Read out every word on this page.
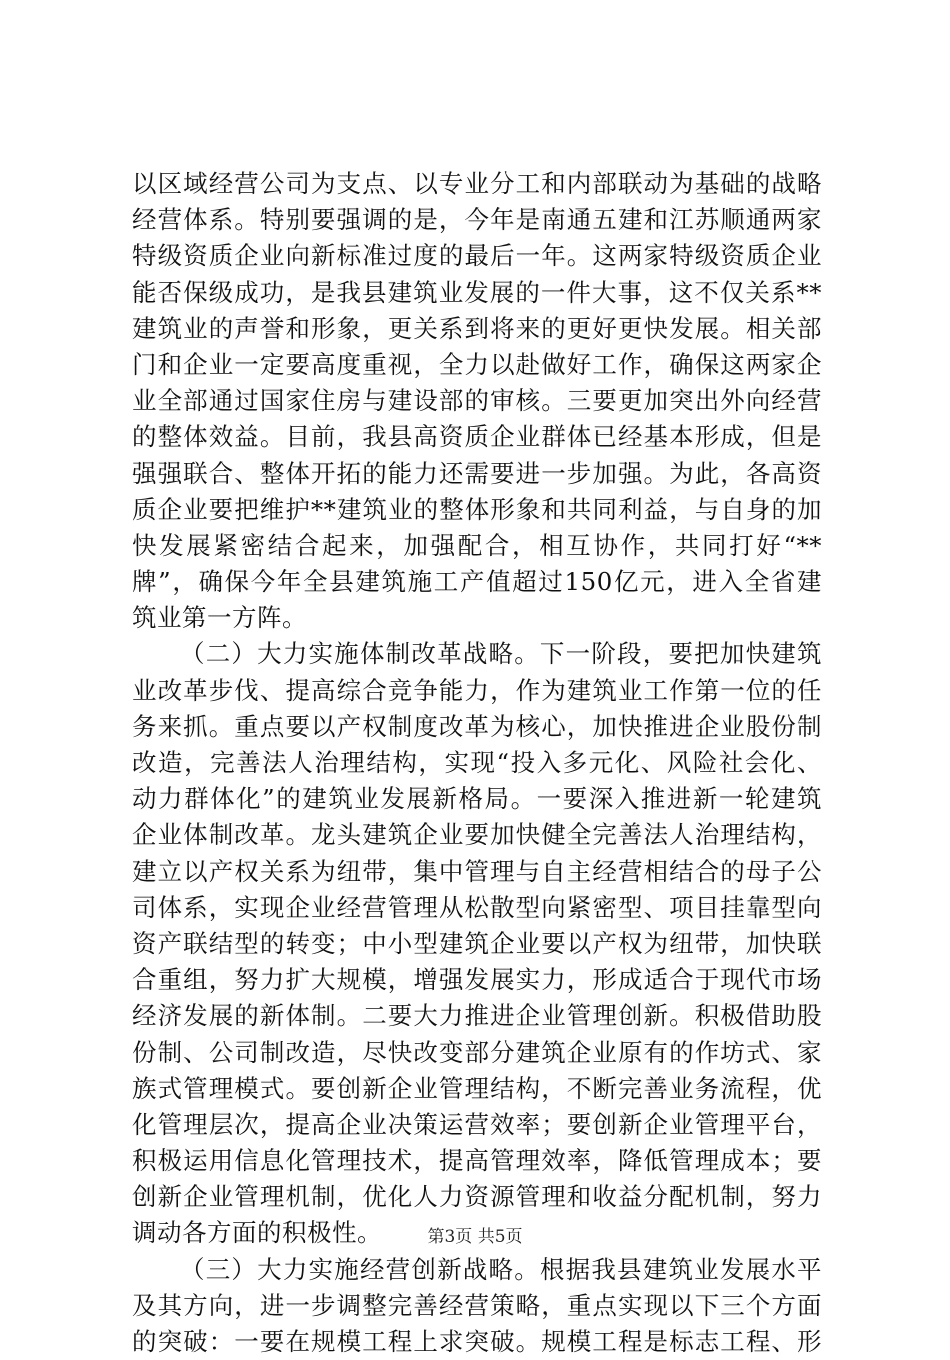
以区域经营公司为支点、以专业分工和内部联动为基础的战略
经营体系。特别要强调的是，今年是南通五建和江苏顺通两家
特级资质企业向新标准过度的最后一年。这两家特级资质企业
能否保级成功，是我县建筑业发展的一件大事，这不仅关系**
建筑业的声誉和形象，更关系到将来的更好更快发展。相关部
门和企业一定要高度重视，全力以赴做好工作，确保这两家企
业全部通过国家住房与建设部的审核。三要更加突出外向经营
的整体效益。目前，我县高资质企业群体已经基本形成，但是
强强联合、整体开拓的能力还需要进一步加强。为此，各高资
质企业要把维护**建筑业的整体形象和共同利益，与自身的加
快发展紧密结合起来，加强配合，相互协作，共同打好“**
牌”，确保今年全县建筑施工产值超过150亿元，进入全省建
筑业第一方阵。
（二）大力实施体制改革战略。下一阶段，要把加快建筑
业改革步伐、提高综合竞争能力，作为建筑业工作第一位的任
务来抓。重点要以产权制度改革为核心，加快推进企业股份制
改造，完善法人治理结构，实现“投入多元化、风险社会化、
动力群体化”的建筑业发展新格局。一要深入推进新一轮建筑
企业体制改革。龙头建筑企业要加快健全完善法人治理结构，
建立以产权关系为纽带，集中管理与自主经营相结合的母子公
司体系，实现企业经营管理从松散型向紧密型、项目挂靠型向
资产联结型的转变；中小型建筑企业要以产权为纽带，加快联
合重组，努力扩大规模，增强发展实力，形成适合于现代市场
经济发展的新体制。二要大力推进企业管理创新。积极借助股
份制、公司制改造，尽快改变部分建筑企业原有的作坊式、家
族式管理模式。要创新企业管理结构，不断完善业务流程，优
化管理层次，提高企业决策运营效率；要创新企业管理平台，
积极运用信息化管理技术，提高管理效率，降低管理成本；要
创新企业管理机制，优化人力资源管理和收益分配机制，努力
调动各方面的积极性。
（三）大力实施经营创新战略。根据我县建筑业发展水平
及其方向，进一步调整完善经营策略，重点实现以下三个方面
的突破：一要在规模工程上求突破。规模工程是标志工程、形
第3页 共5页
